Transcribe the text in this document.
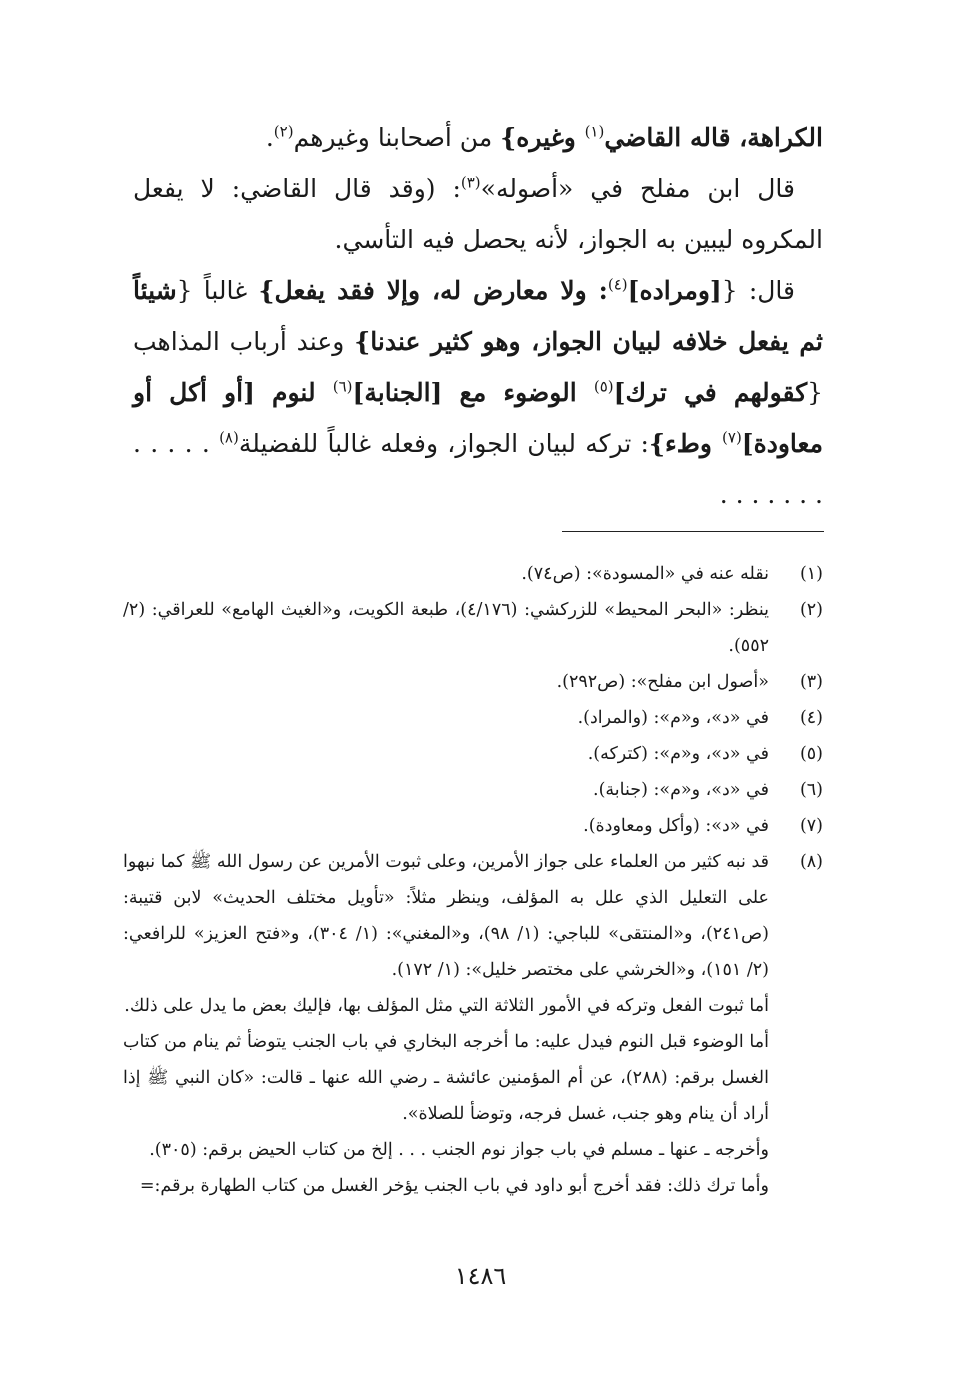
الكراهة، قاله القاضي$^{(١)}$ وغيره} من أصحابنا وغيرهم$^{(٢)}$.

قال ابن مفلح في «أصوله»$^{(٣)}$: (وقد قال القاضي: لا يفعل المكروه ليبين به الجواز، لأنه يحصل فيه التأسي.

قال: {[ومراده]$^{(٤)}$: ولا معارض له، وإلا فقد يفعل} غالباً {شيئاً ثم يفعل خلافه لبيان الجواز، وهو كثير عندنا} وعند أرباب المذاهب {كقولهم في ترك]$^{(٥)}$ الوضوء مع [الجنابة]$^{(٦)}$ لنوم [أو أكل أو معاودة]$^{(٧)}$ وطء}: تركه لبيان الجواز، وفعله غالباً للفضيلة$^{(٨)}$ . . . . . . . . . . . .

(١)
نقله عنه في «المسودة»: (ص٧٤).
(٢)
ينظر: «البحر المحيط» للزركشي: (٤/١٧٦)، طبعة الكويت، و«الغيث الهامع» للعراقي: (٢/ ٥٥٢).
(٣)
«أصول ابن مفلح»: (ص٢٩٢).
(٤)
في «د»، و«م»: (والمراد).
(٥)
في «د»، و«م»: (كتركه).
(٦)
في «د»، و«م»: (جنابة).
(٧)
في «د»: (وأكل ومعاودة).
(٨)
قد نبه كثير من العلماء على جواز الأمرين، وعلى ثبوت الأمرين عن رسول الله ﷺ كما نبهوا على التعليل الذي علل به المؤلف، وينظر مثلاً: «تأويل مختلف الحديث» لابن قتيبة: (ص٢٤١)، و«المنتقى» للباجي: (١/ ٩٨)، و«المغني»: (١/ ٣٠٤)، و«فتح العزيز» للرافعي: (٢/ ١٥١)، و«الخرشي على مختصر خليل»: (١/ ١٧٢).
أما ثبوت الفعل وتركه في الأمور الثلاثة التي مثل المؤلف بها، فإليك بعض ما يدل على ذلك.
أما الوضوء قبل النوم فيدل عليه: ما أخرجه البخاري في باب الجنب يتوضأ ثم ينام من كتاب الغسل برقم: (٢٨٨)، عن أم المؤمنين عائشة ـ رضي الله عنها ـ قالت: «كان النبي ﷺ إذا أراد أن ينام وهو جنب، غسل فرجه، وتوضأ للصلاة».
وأخرجه ـ عنها ـ مسلم في باب جواز نوم الجنب . . . إلخ من كتاب الحيض برقم: (٣٠٥).
وأما ترك ذلك: فقد أخرج أبو داود في باب الجنب يؤخر الغسل من كتاب الطهارة برقم:=
١٤٨٦
